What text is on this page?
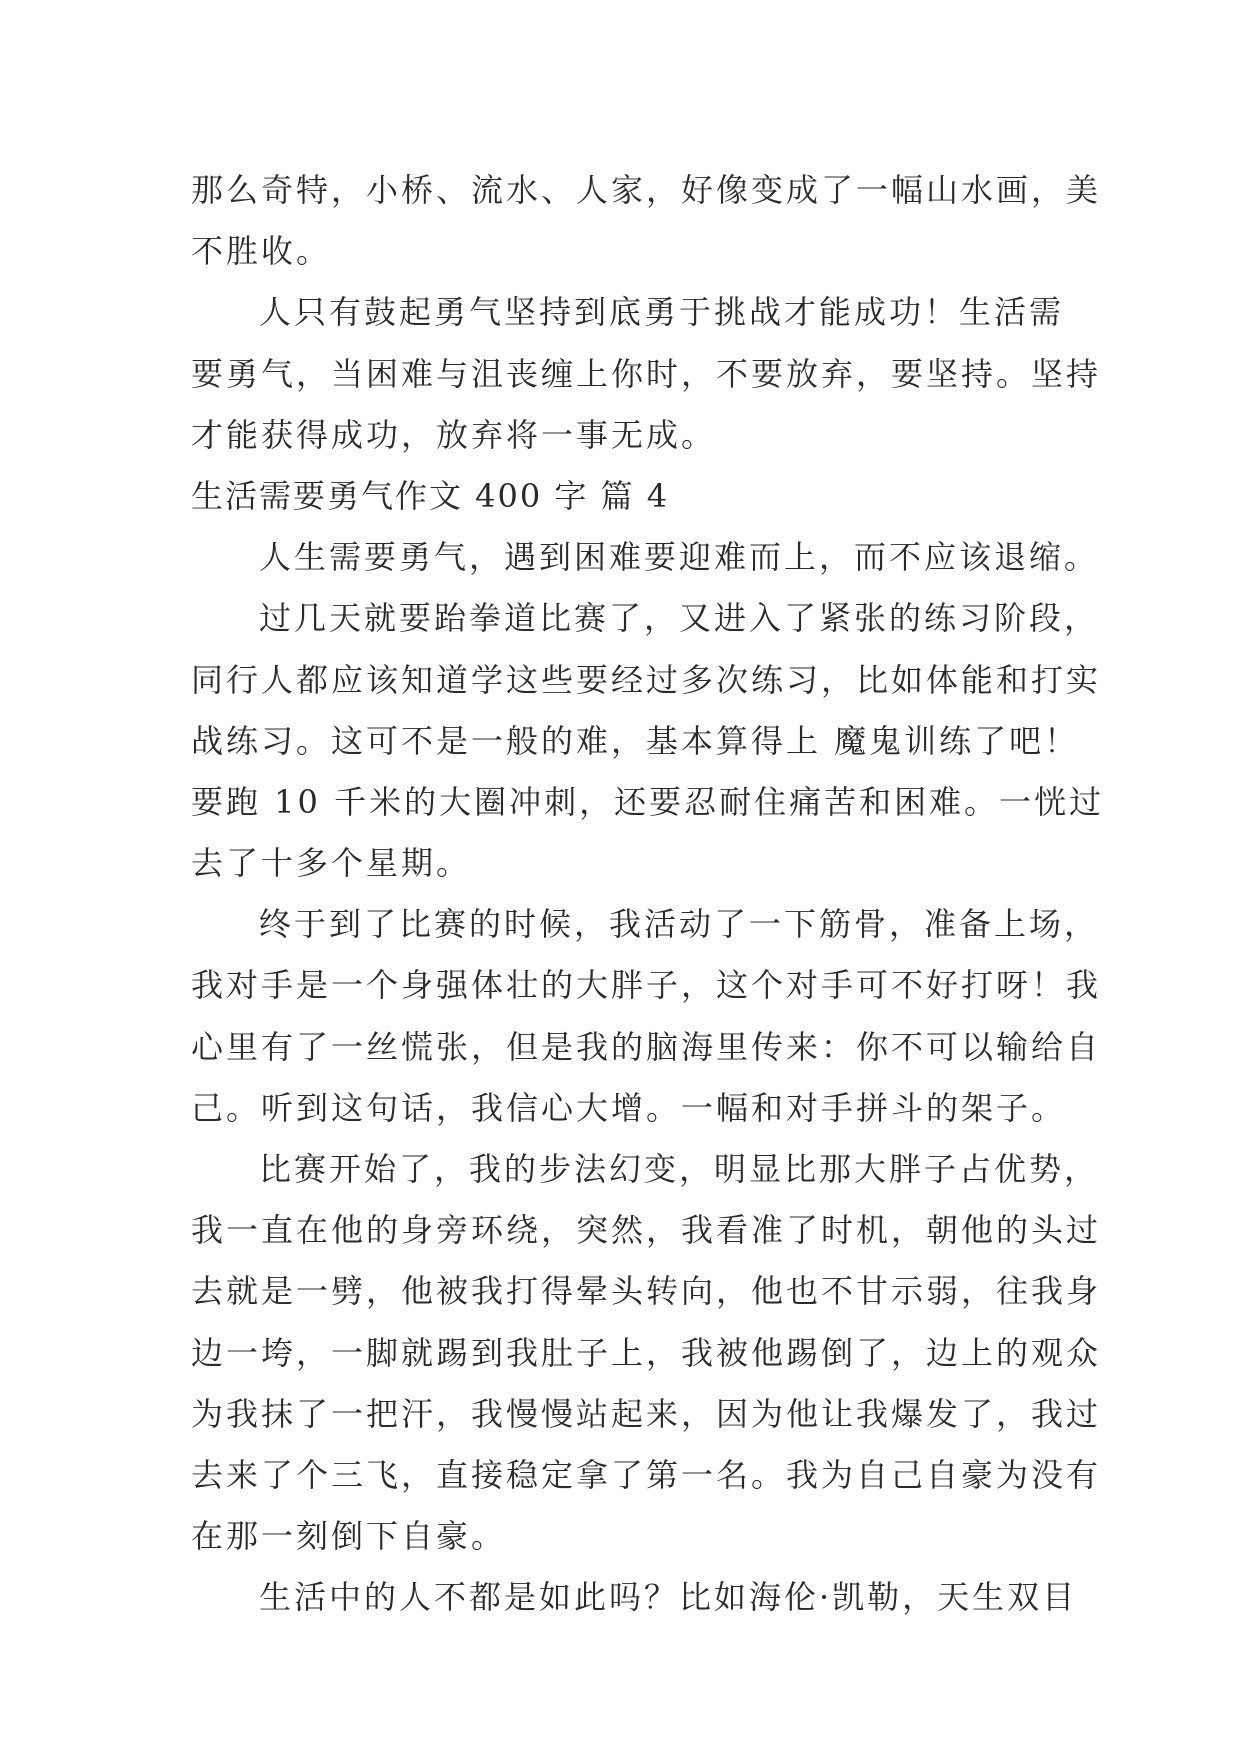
那么奇特，小桥、流水、人家，好像变成了一幅山水画，美
不胜收。
人只有鼓起勇气坚持到底勇于挑战才能成功！生活需
要勇气，当困难与沮丧缠上你时，不要放弃，要坚持。坚持
才能获得成功，放弃将一事无成。
生活需要勇气作文 400 字 篇 4
人生需要勇气，遇到困难要迎难而上，而不应该退缩。
过几天就要跆拳道比赛了，又进入了紧张的练习阶段，
同行人都应该知道学这些要经过多次练习，比如体能和打实
战练习。这可不是一般的难，基本算得上 魔鬼训练了吧！
要跑 10 千米的大圈冲刺，还要忍耐住痛苦和困难。一恍过
去了十多个星期。
终于到了比赛的时候，我活动了一下筋骨，准备上场，
我对手是一个身强体壮的大胖子，这个对手可不好打呀！我
心里有了一丝慌张，但是我的脑海里传来：你不可以输给自
己。听到这句话，我信心大增。一幅和对手拼斗的架子。
比赛开始了，我的步法幻变，明显比那大胖子占优势，
我一直在他的身旁环绕，突然，我看准了时机，朝他的头过
去就是一劈，他被我打得晕头转向，他也不甘示弱，往我身
边一垮，一脚就踢到我肚子上，我被他踢倒了，边上的观众
为我抹了一把汗，我慢慢站起来，因为他让我爆发了，我过
去来了个三飞，直接稳定拿了第一名。我为自己自豪为没有
在那一刻倒下自豪。
生活中的人不都是如此吗？比如海伦·凯勒，天生双目
